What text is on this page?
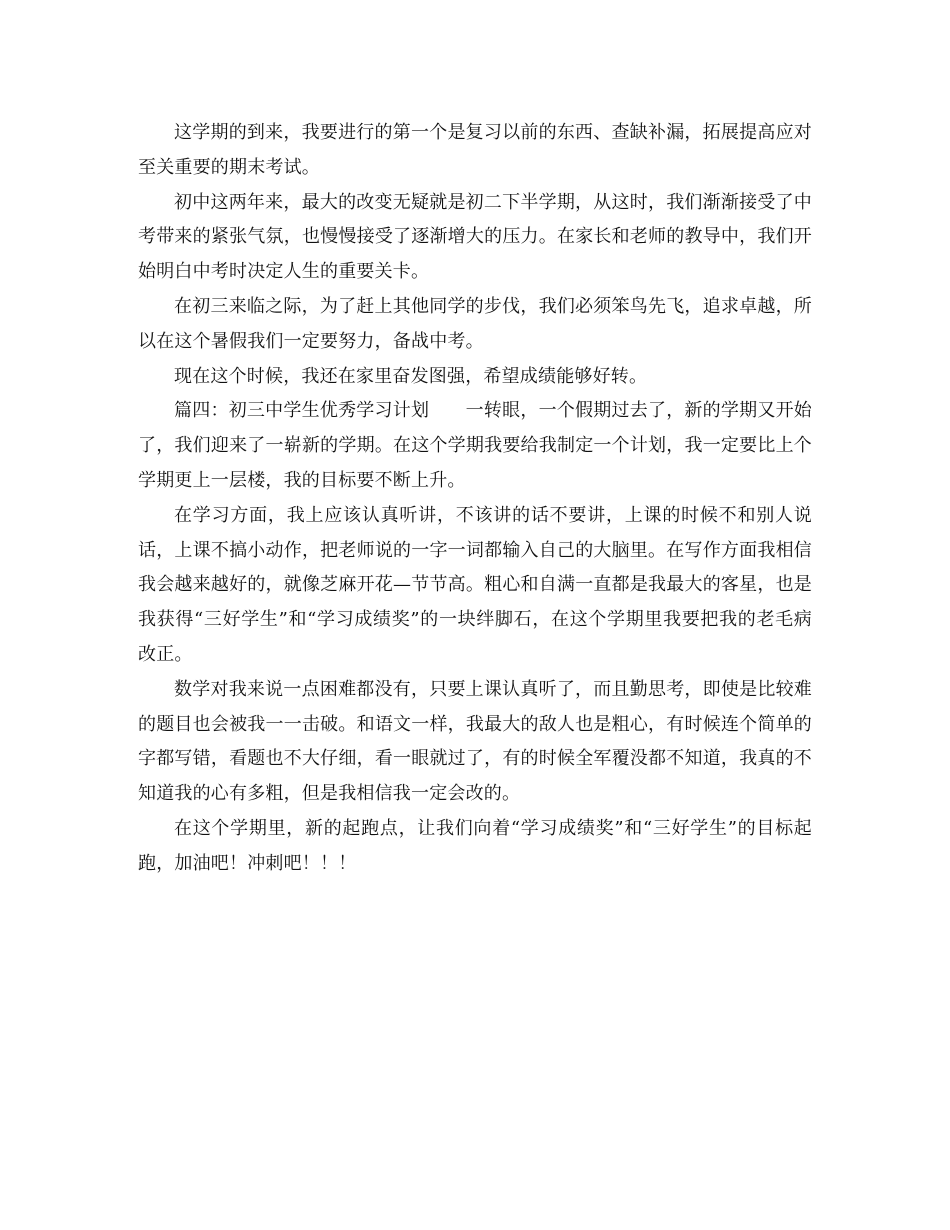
这学期的到来，我要进行的第一个是复习以前的东西、查缺补漏，拓展提高应对至关重要的期末考试。

初中这两年来，最大的改变无疑就是初二下半学期，从这时，我们渐渐接受了中考带来的紧张气氛，也慢慢接受了逐渐增大的压力。在家长和老师的教导中，我们开始明白中考时决定人生的重要关卡。

在初三来临之际，为了赶上其他同学的步伐，我们必须笨鸟先飞，追求卓越，所以在这个暑假我们一定要努力，备战中考。

现在这个时候，我还在家里奋发图强，希望成绩能够好转。

篇四：初三中学生优秀学习计划　　一转眼，一个假期过去了，新的学期又开始了，我们迎来了一崭新的学期。在这个学期我要给我制定一个计划，我一定要比上个学期更上一层楼，我的目标要不断上升。

在学习方面，我上应该认真听讲，不该讲的话不要讲，上课的时候不和别人说话，上课不搞小动作，把老师说的一字一词都输入自己的大脑里。在写作方面我相信我会越来越好的，就像芝麻开花—节节高。粗心和自满一直都是我最大的客星，也是我获得“三好学生”和“学习成绩奖”的一块绊脚石，在这个学期里我要把我的老毛病改正。

数学对我来说一点困难都没有，只要上课认真听了，而且勤思考，即使是比较难的题目也会被我一一击破。和语文一样，我最大的敌人也是粗心，有时候连个简单的字都写错，看题也不大仔细，看一眼就过了，有的时候全军覆没都不知道，我真的不知道我的心有多粗，但是我相信我一定会改的。

在这个学期里，新的起跑点，让我们向着“学习成绩奖”和“三好学生”的目标起跑，加油吧！冲刺吧！！！
